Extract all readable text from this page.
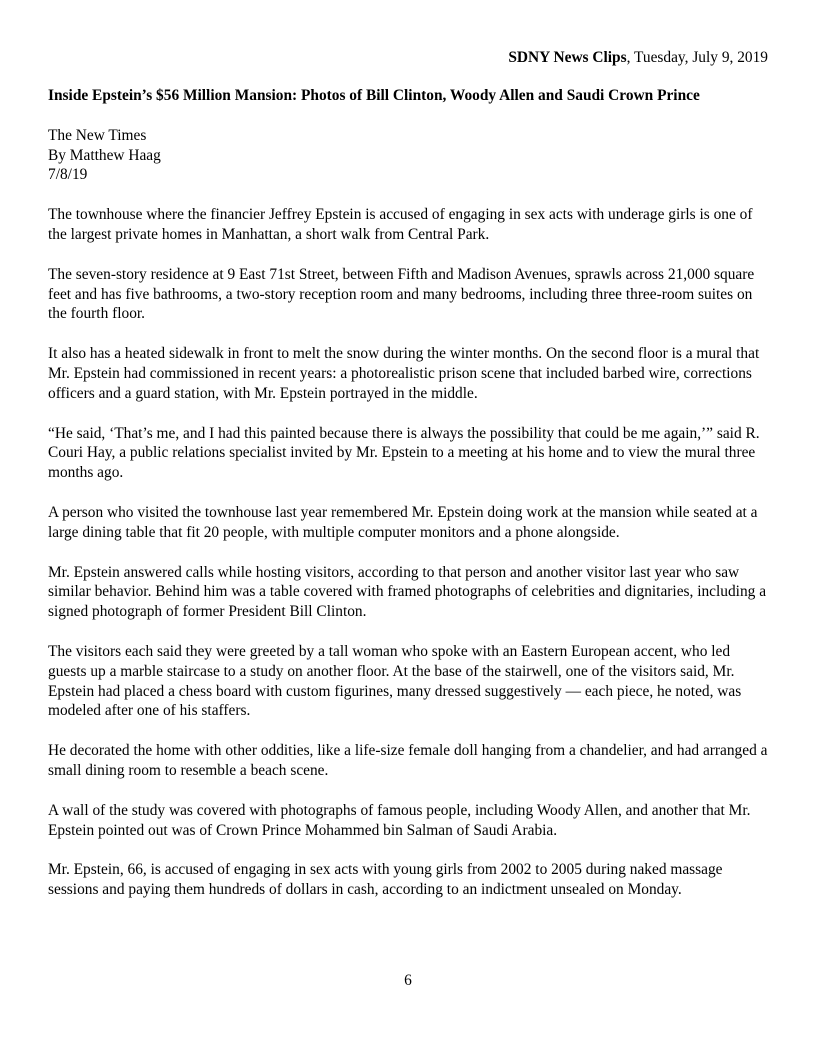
SDNY News Clips, Tuesday, July 9, 2019
Inside Epstein’s $56 Million Mansion: Photos of Bill Clinton, Woody Allen and Saudi Crown Prince
The New Times
By Matthew Haag
7/8/19

The townhouse where the financier Jeffrey Epstein is accused of engaging in sex acts with underage girls is one of the largest private homes in Manhattan, a short walk from Central Park.

The seven-story residence at 9 East 71st Street, between Fifth and Madison Avenues, sprawls across 21,000 square feet and has five bathrooms, a two-story reception room and many bedrooms, including three three-room suites on the fourth floor.

It also has a heated sidewalk in front to melt the snow during the winter months. On the second floor is a mural that Mr. Epstein had commissioned in recent years: a photorealistic prison scene that included barbed wire, corrections officers and a guard station, with Mr. Epstein portrayed in the middle.

“He said, ‘That’s me, and I had this painted because there is always the possibility that could be me again,’” said R. Couri Hay, a public relations specialist invited by Mr. Epstein to a meeting at his home and to view the mural three months ago.

A person who visited the townhouse last year remembered Mr. Epstein doing work at the mansion while seated at a large dining table that fit 20 people, with multiple computer monitors and a phone alongside.

Mr. Epstein answered calls while hosting visitors, according to that person and another visitor last year who saw similar behavior. Behind him was a table covered with framed photographs of celebrities and dignitaries, including a signed photograph of former President Bill Clinton.

The visitors each said they were greeted by a tall woman who spoke with an Eastern European accent, who led guests up a marble staircase to a study on another floor. At the base of the stairwell, one of the visitors said, Mr. Epstein had placed a chess board with custom figurines, many dressed suggestively — each piece, he noted, was modeled after one of his staffers.

He decorated the home with other oddities, like a life-size female doll hanging from a chandelier, and had arranged a small dining room to resemble a beach scene.

A wall of the study was covered with photographs of famous people, including Woody Allen, and another that Mr. Epstein pointed out was of Crown Prince Mohammed bin Salman of Saudi Arabia.

Mr. Epstein, 66, is accused of engaging in sex acts with young girls from 2002 to 2005 during naked massage sessions and paying them hundreds of dollars in cash, according to an indictment unsealed on Monday.

6
